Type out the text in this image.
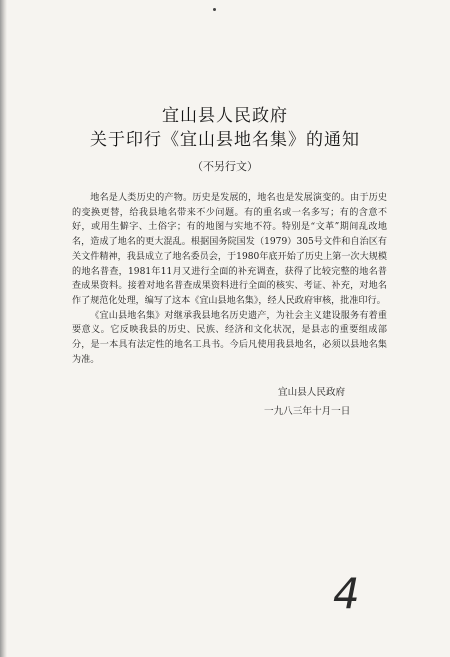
宜山县人民政府
关于印行《宜山县地名集》的通知
（不另行文）

地名是人类历史的产物。历史是发展的，地名也是发展演变的。由于历史的变换更替，给我县地名带来不少问题。有的重名或一名多写；有的含意不好，或用生僻字、土俗字；有的地图与实地不符。特别是“文革”期间乱改地名，造成了地名的更大混乱。根据国务院国发（1979）305号文件和自治区有关文件精神，我县成立了地名委员会，于1980年底开始了历史上第一次大规模的地名普查，1981年11月又进行全面的补充调查，获得了比较完整的地名普查成果资料。接着对地名普查成果资料进行全面的核实、考证、补充，对地名作了规范化处理，编写了这本《宜山县地名集》，经人民政府审核，批准印行。

《宜山县地名集》对继承我县地名历史遗产，为社会主义建设服务有着重要意义。它反映我县的历史、民族、经济和文化状况，是县志的重要组成部分，是一本具有法定性的地名工具书。今后凡使用我县地名，必须以县地名集为准。

宜山县人民政府
一九八三年十月一日
4
